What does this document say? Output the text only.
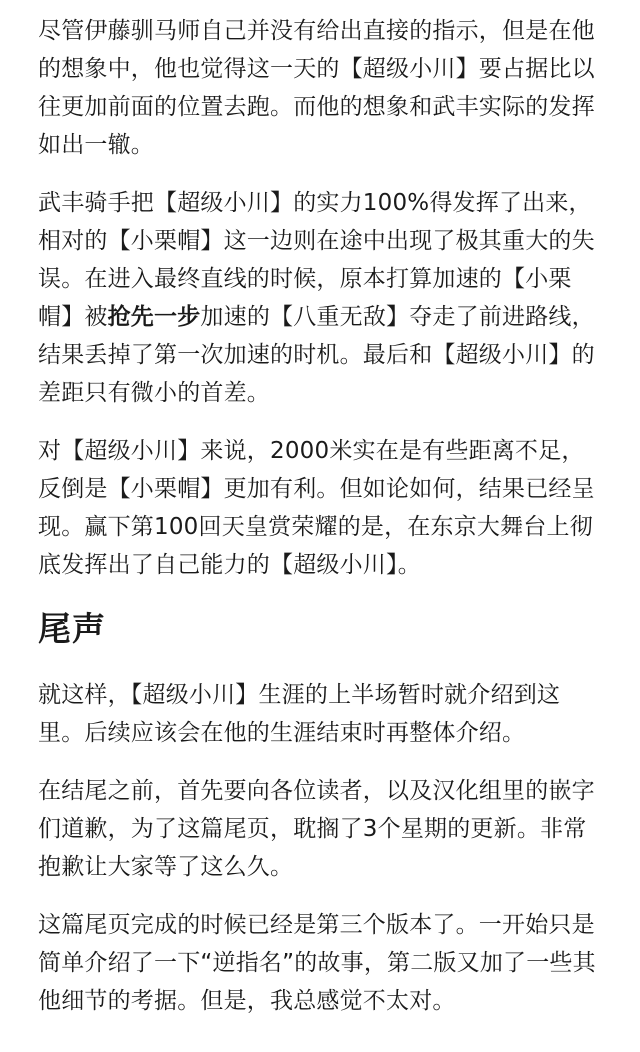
尽管伊藤驯马师自己并没有给出直接的指示，但是在他的想象中，他也觉得这一天的【超级小川】要占据比以往更加前面的位置去跑。而他的想象和武丰实际的发挥如出一辙。

武丰骑手把【超级小川】的实力100%得发挥了出来，相对的【小栗帽】这一边则在途中出现了极其重大的失误。在进入最终直线的时候，原本打算加速的【小栗帽】被抢先一步加速的【八重无敌】夺走了前进路线，结果丢掉了第一次加速的时机。最后和【超级小川】的差距只有微小的首差。

对【超级小川】来说，2000米实在是有些距离不足，反倒是【小栗帽】更加有利。但如论如何，结果已经呈现。赢下第100回天皇赏荣耀的是，在东京大舞台上彻底发挥出了自己能力的【超级小川】。

尾声

就这样，【超级小川】生涯的上半场暂时就介绍到这里。后续应该会在他的生涯结束时再整体介绍。

在结尾之前，首先要向各位读者，以及汉化组里的嵌字们道歉，为了这篇尾页，耽搁了3个星期的更新。非常抱歉让大家等了这么久。

这篇尾页完成的时候已经是第三个版本了。一开始只是简单介绍了一下“逆指名”的故事，第二版又加了一些其他细节的考据。但是，我总感觉不太对。
